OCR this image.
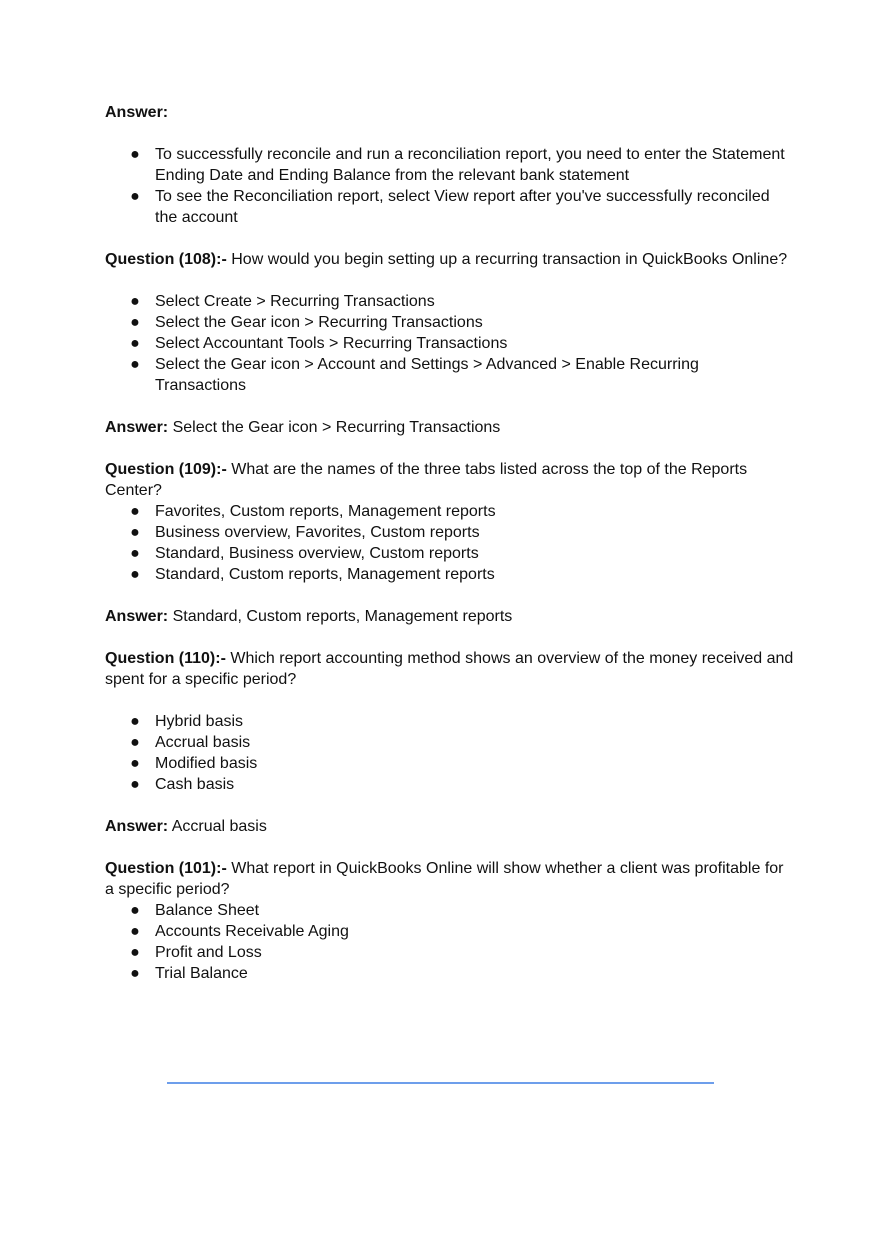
Answer:

● To successfully reconcile and run a reconciliation report, you need to enter the Statement Ending Date and Ending Balance from the relevant bank statement
● To see the Reconciliation report, select View report after you've successfully reconciled the account

Question (108):- How would you begin setting up a recurring transaction in QuickBooks Online?

● Select Create > Recurring Transactions
● Select the Gear icon > Recurring Transactions
● Select Accountant Tools > Recurring Transactions
● Select the Gear icon > Account and Settings > Advanced > Enable Recurring Transactions

Answer: Select the Gear icon > Recurring Transactions

Question (109):- What are the names of the three tabs listed across the top of the Reports Center?

● Favorites, Custom reports, Management reports
● Business overview, Favorites, Custom reports
● Standard, Business overview, Custom reports
● Standard, Custom reports, Management reports

Answer: Standard, Custom reports, Management reports

Question (110):- Which report accounting method shows an overview of the money received and spent for a specific period?

● Hybrid basis
● Accrual basis
● Modified basis
● Cash basis

Answer: Accrual basis

Question (101):- What report in QuickBooks Online will show whether a client was profitable for a specific period?

● Balance Sheet
● Accounts Receivable Aging
● Profit and Loss
● Trial Balance
